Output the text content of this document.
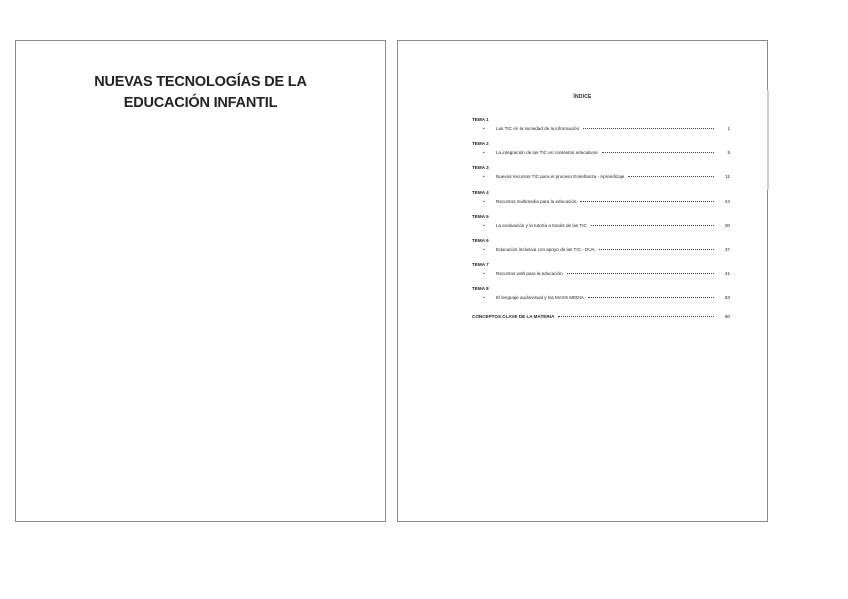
NUEVAS TECNOLOGÍAS DE LA
EDUCACIÓN INFANTIL	ÍNDICE
TEMA 1
•	Las TIC en la sociedad de la información	1
TEMA 2
•	La integración de las TIC en contextos educativos	5
TEMA 3
•	Nuevos recursos TIC para el proceso Enseñanza - Aprendizaje	11
TEMA 4
•	Recursos multimedia para la educación	24
TEMA 5
•	La evaluación y la tutoría a través de las TIC	30
TEMA 6
•	Educación inclusiva con apoyo de las TIC - DUA	37
TEMA 7
•	Recursos web para la educación	41
TEMA 8
•	El lenguaje audiovisual y los MASS MEDIA	53
CONCEPTOS CLAVE DE LA MATERIA	60
